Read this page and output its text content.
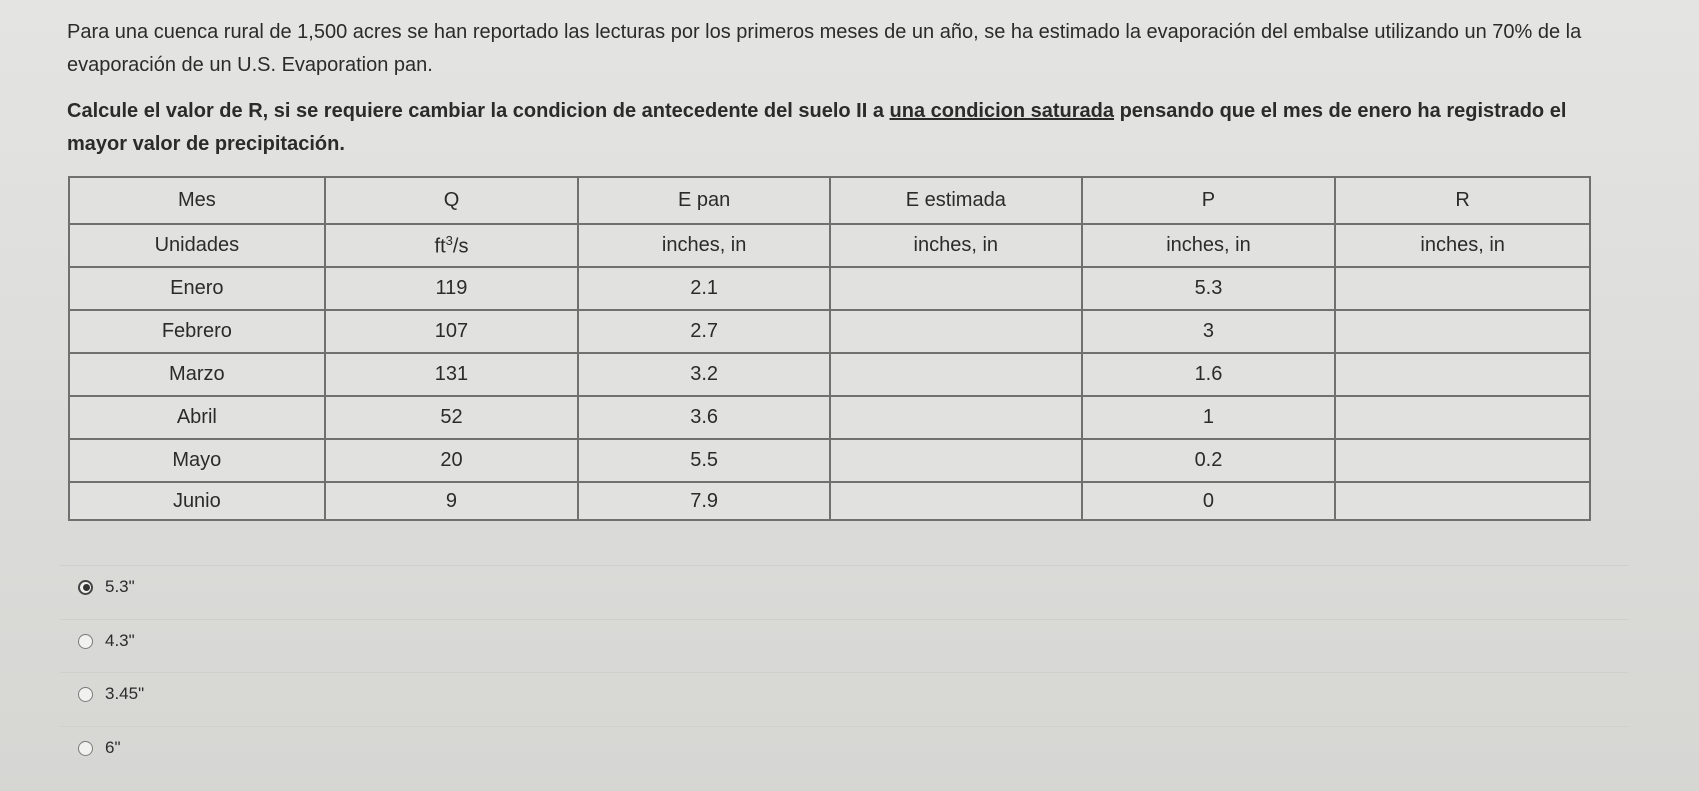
Para una cuenca rural de 1,500 acres se han reportado las lecturas por los primeros meses de un año, se ha estimado la evaporación del embalse utilizando un 70% de la evaporación de un U.S. Evaporation pan.

Calcule el valor de R, si se requiere cambiar la condicion de antecedente del suelo II a una condicion saturada pensando que el mes de enero ha registrado el mayor valor de precipitación.

Mes	Q	E pan	E estimada	P	R
Unidades	$ft^3/s$	inches, in	inches, in	inches, in	inches, in
Enero	119	2.1		5.3	
Febrero	107	2.7		3	
Marzo	131	3.2		1.6	
Abril	52	3.6		1	
Mayo	20	5.5		0.2	
Junio	9	7.9		0	
5.3"
4.3"
3.45"
6"
